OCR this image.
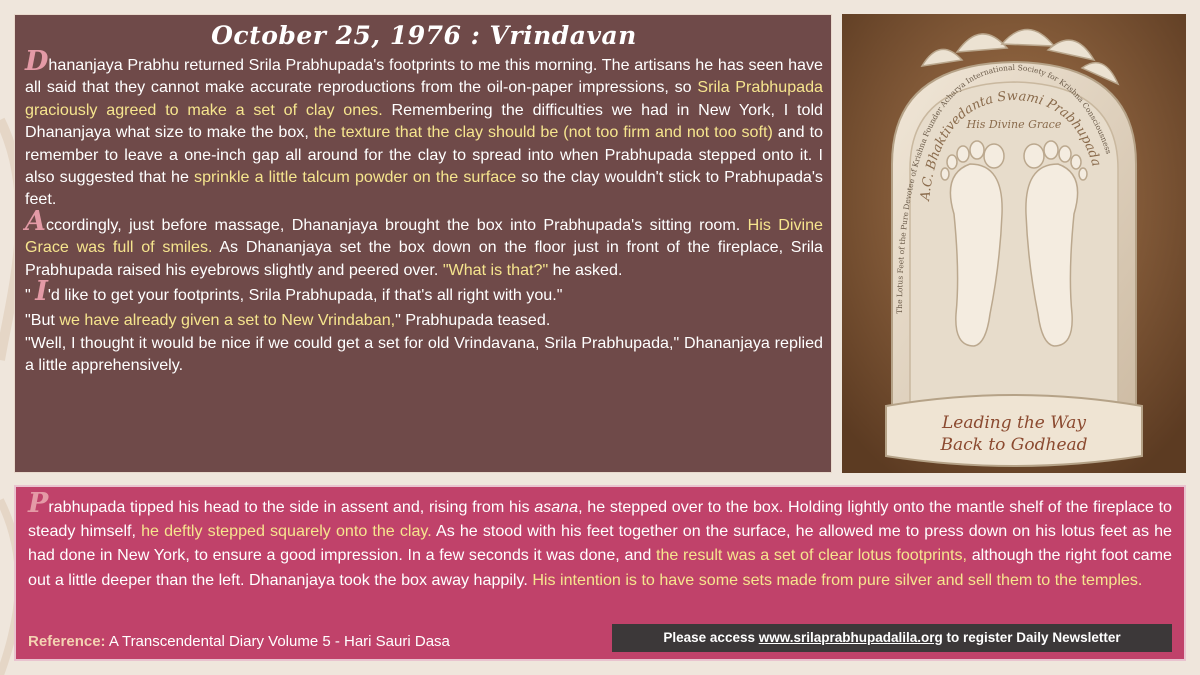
October 25, 1976 : Vrindavan

Dhananjaya Prabhu returned Srila Prabhupada's footprints to me this morning. The artisans he has seen have all said that they cannot make accurate reproductions from the oil-on-paper impressions, so Srila Prabhupada graciously agreed to make a set of clay ones. Remembering the difficulties we had in New York, I told Dhananjaya what size to make the box, the texture that the clay should be (not too firm and not too soft) and to remember to leave a one-inch gap all around for the clay to spread into when Prabhupada stepped onto it. I also suggested that he sprinkle a little talcum powder on the surface so the clay wouldn't stick to Prabhupada's feet.

Accordingly, just before massage, Dhananjaya brought the box into Prabhupada's sitting room. His Divine Grace was full of smiles. As Dhananjaya set the box down on the floor just in front of the fireplace, Srila Prabhupada raised his eyebrows slightly and peered over. "What is that?" he asked.

" I'd like to get your footprints, Srila Prabhupada, if that's all right with you."

"But we have already given a set to New Vrindaban," Prabhupada teased.

"Well, I thought it would be nice if we could get a set for old Vrindavana, Srila Prabhupada," Dhananjaya replied a little apprehensively.

The Lotus Feet of the Pure Devotee of Krishna Founder Acharya International Society for Krishna Consciousness
A.C. Bhaktivedanta Swami Prabhupada
His Divine Grace
Leading the Way
Back to Godhead

Prabhupada tipped his head to the side in assent and, rising from his asana, he stepped over to the box. Holding lightly onto the mantle shelf of the fireplace to steady himself, he deftly stepped squarely onto the clay. As he stood with his feet together on the surface, he allowed me to press down on his lotus feet as he had done in New York, to ensure a good impression. In a few seconds it was done, and the result was a set of clear lotus footprints, although the right foot came out a little deeper than the left. Dhananjaya took the box away happily. His intention is to have some sets made from pure silver and sell them to the temples.

Reference: A Transcendental Diary Volume 5 - Hari Sauri Dasa	Please access www.srilaprabhupadalila.org to register Daily Newsletter
